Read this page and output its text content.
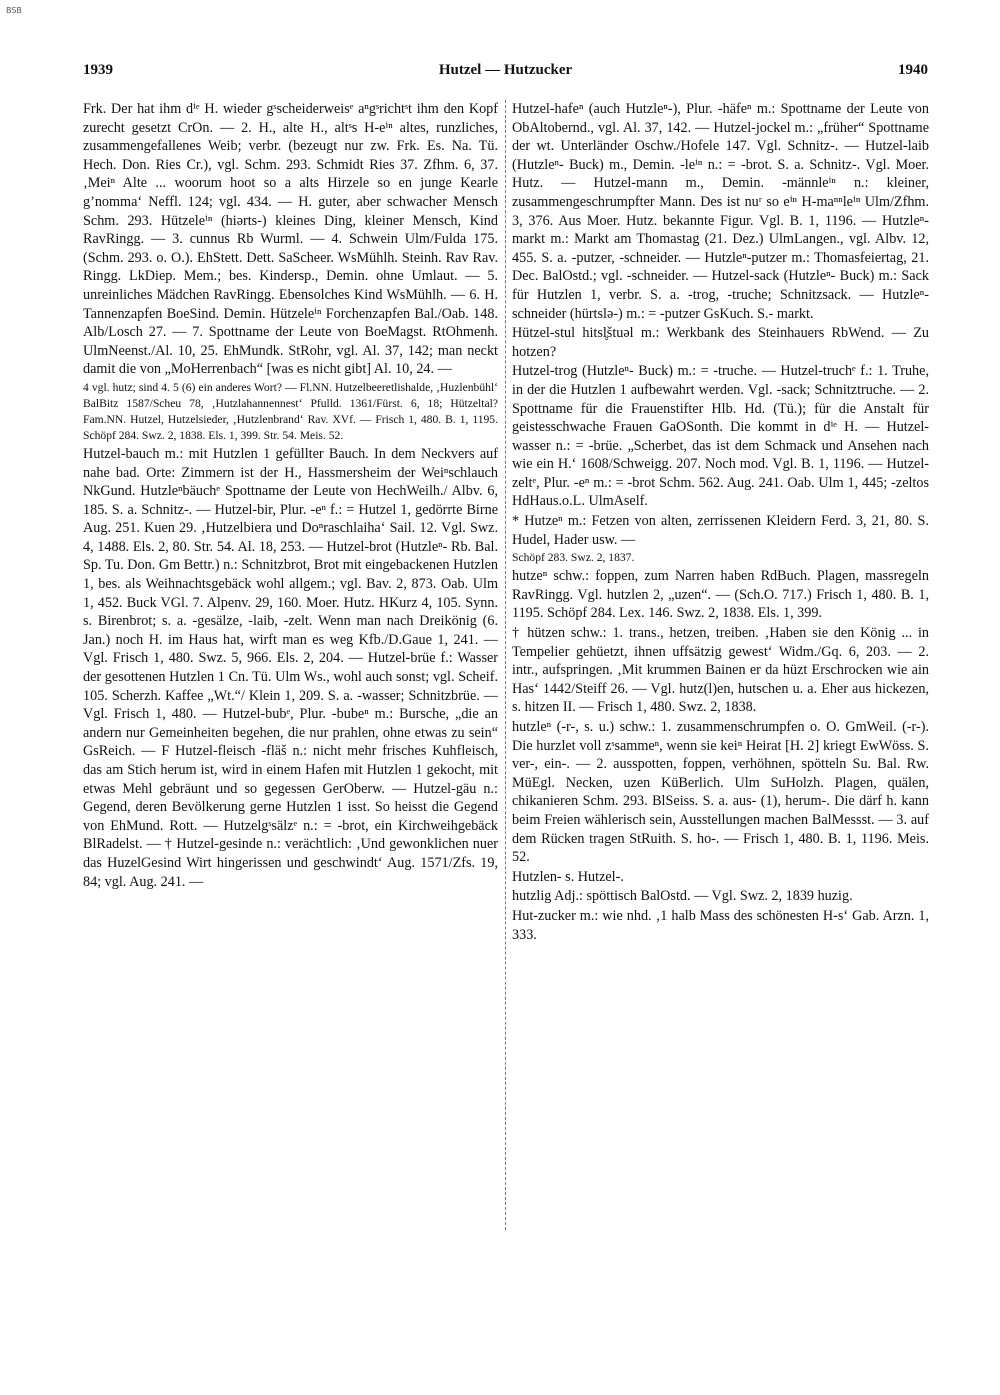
BSB
1939	Hutzel — Hutzucker	1940

Frk. Der hat ihm dⁱᵉ H. wieder gˢscheiderweisᵉ aⁿgˢrichtˢt ihm den Kopf zurecht gesetzt CrOn. — 2. H., alte H., altˢs H-eⁱⁿ altes, runzliches, zusammengefallenes Weib; verbr. (bezeugt nur zw. Frk. Es. Na. Tü. Hech. Don. Ries Cr.), vgl. Schm. 293. Schmidt Ries 37. Zfhm. 6, 37. ‚Meiⁿ Alte ... woorum hoot so a alts Hirzele so en junge Kearle g’nomma‘ Neffl. 124; vgl. 434. — H. guter, aber schwacher Mensch Schm. 293. Hützeleⁱⁿ (hiərts-) kleines Ding, kleiner Mensch, Kind RavRingg. — 3. cunnus Rb Wurml. — 4. Schwein Ulm/Fulda 175. (Schm. 293. o. O.). EhStett. Dett. SaScheer. WsMühlh. Steinh. Rav Rav. Ringg. LkDiep. Mem.; bes. Kindersp., Demin. ohne Umlaut. — 5. unreinliches Mädchen RavRingg. Ebensolches Kind WsMühlh. — 6. H. Tannenzapfen BoeSind. Demin. Hützeleⁱⁿ Forchenzapfen Bal./Oab. 148. Alb/Losch 27. — 7. Spottname der Leute von BoeMagst. RtOhmenh. UlmNeenst./Al. 10, 25. EhMundk. StRohr, vgl. Al. 37, 142; man neckt damit die von „MoHerrenbach“ [was es nicht gibt] Al. 10, 24. —

4 vgl. hutz; sind 4. 5 (6) ein anderes Wort? — Fl.NN. Hutzelbeeretlishalde, ‚Huzlenbühl‘ BalBitz 1587/Scheu 78, ‚Hutzlahannennest‘ Pfulld. 1361/Fürst. 6, 18; Hützeltal? Fam.NN. Hutzel, Hutzelsieder, ‚Hutzlenbrand‘ Rav. XVf. — Frisch 1, 480. B. 1, 1195. Schöpf 284. Swz. 2, 1838. Els. 1, 399. Str. 54. Meis. 52.

Hutzel-bauch m.: mit Hutzlen 1 gefüllter Bauch. In dem Neckvers auf nahe bad. Orte: Zimmern ist der H., Hassmersheim der Weiⁿschlauch NkGund. Hutzleⁿbäuchᵉ Spottname der Leute von HechWeilh./ Albv. 6, 185. S. a. Schnitz-. — Hutzel-bir, Plur. -eⁿ f.: = Hutzel 1, gedörrte Birne Aug. 251. Kuen 29. ‚Hutzelbiera und Doⁿraschlaiha‘ Sail. 12. Vgl. Swz. 4, 1488. Els. 2, 80. Str. 54. Al. 18, 253. — Hutzel-brot (Hutzleⁿ- Rb. Bal. Sp. Tu. Don. Gm Bettr.) n.: Schnitzbrot, Brot mit eingebackenen Hutzlen 1, bes. als Weihnachtsgebäck wohl allgem.; vgl. Bav. 2, 873. Oab. Ulm 1, 452. Buck VGl. 7. Alpenv. 29, 160. Moer. Hutz. HKurz 4, 105. Synn. s. Birenbrot; s. a. -gesälze, -laib, -zelt. Wenn man nach Dreikönig (6. Jan.) noch H. im Haus hat, wirft man es weg Kfb./D.Gaue 1, 241. — Vgl. Frisch 1, 480. Swz. 5, 966. Els. 2, 204. — Hutzel-brüe f.: Wasser der gesottenen Hutzlen 1 Cn. Tü. Ulm Ws., wohl auch sonst; vgl. Scheif. 105. Scherzh. Kaffee „Wt.“/ Klein 1, 209. S. a. -wasser; Schnitzbrüe. — Vgl. Frisch 1, 480. — Hutzel-bubᵉ, Plur. -bubeⁿ m.: Bursche, „die an andern nur Gemeinheiten begehen, die nur prahlen, ohne etwas zu sein“ GsReich. — F Hutzel-fleisch -fläš n.: nicht mehr frisches Kuhfleisch, das am Stich herum ist, wird in einem Hafen mit Hutzlen 1 gekocht, mit etwas Mehl gebräunt und so gegessen GerOberw. — Hutzel-gäu n.: Gegend, deren Bevölkerung gerne Hutzlen 1 isst. So heisst die Gegend von EhMund. Rott. — Hutzelgˢsälzᵉ n.: = -brot, ein Kirchweihgebäck BlRadelst. — † Hutzel-gesinde n.: verächtlich: ‚Und gewonklichen nuer das HuzelGesind Wirt hingerissen und geschwindt‘ Aug. 1571/Zfs. 19, 84; vgl. Aug. 241. —

Hutzel-hafeⁿ (auch Hutzleⁿ-), Plur. -häfeⁿ m.: Spottname der Leute von ObAltobernd., vgl. Al. 37, 142. — Hutzel-jockel m.: „früher“ Spottname der wt. Unterländer Oschw./Hofele 147. Vgl. Schnitz-. — Hutzel-laib (Hutzleⁿ- Buck) m., Demin. -leⁱⁿ n.: = -brot. S. a. Schnitz-. Vgl. Moer. Hutz. — Hutzel-mann m., Demin. -männleⁱⁿ n.: kleiner, zusammengeschrumpfter Mann. Des ist nuʳ so eⁱⁿ H-maⁿⁿleⁱⁿ Ulm/Zfhm. 3, 376. Aus Moer. Hutz. bekannte Figur. Vgl. B. 1, 1196. — Hutzleⁿ-markt m.: Markt am Thomastag (21. Dez.) UlmLangen., vgl. Albv. 12, 455. S. a. -putzer, -schneider. — Hutzleⁿ-putzer m.: Thomasfeiertag, 21. Dec. BalOstd.; vgl. -schneider. — Hutzel-sack (Hutzleⁿ- Buck) m.: Sack für Hutzlen 1, verbr. S. a. -trog, -truche; Schnitzsack. — Hutzleⁿ-schneider (hürtslə-) m.: = -putzer GsKuch. S.- markt.

Hützel-stul hitsl̥štuəl m.: Werkbank des Steinhauers RbWend. — Zu hotzen?

Hutzel-trog (Hutzleⁿ- Buck) m.: = -truche. — Hutzel-truchᵉ f.: 1. Truhe, in der die Hutzlen 1 aufbewahrt werden. Vgl. -sack; Schnitztruche. — 2. Spottname für die Frauenstifter Hlb. Hd. (Tü.); für die Anstalt für geistesschwache Frauen GaOSonth. Die kommt in dⁱᵉ H. — Hutzel-wasser n.: = -brüe. „Scherbet, das ist dem Schmack und Ansehen nach wie ein H.‘ 1608/Schweigg. 207. Noch mod. Vgl. B. 1, 1196. — Hutzel-zeltᵉ, Plur. -eⁿ m.: = -brot Schm. 562. Aug. 241. Oab. Ulm 1, 445; -zeltos HdHaus.o.L. UlmAself.

* Hutzeⁿ m.: Fetzen von alten, zerrissenen Kleidern Ferd. 3, 21, 80. S. Hudel, Hader usw. —

Schöpf 283. Swz. 2, 1837.

hutzeⁿ schw.: foppen, zum Narren haben RdBuch. Plagen, massregeln RavRingg. Vgl. hutzlen 2, „uzen“. — (Sch.O. 717.) Frisch 1, 480. B. 1, 1195. Schöpf 284. Lex. 146. Swz. 2, 1838. Els. 1, 399.

† hützen schw.: 1. trans., hetzen, treiben. ‚Haben sie den König ... in Tempelier gehüetzt, ihnen uffsätzig gewest‘ Widm./Gq. 6, 203. — 2. intr., aufspringen. ‚Mit krummen Bainen er da hüzt Erschrocken wie ain Has‘ 1442/Steiff 26. — Vgl. hutz(l)en, hutschen u. a. Eher aus hickezen, s. hitzen II. — Frisch 1, 480. Swz. 2, 1838.

hutzleⁿ (-r-, s. u.) schw.: 1. zusammenschrumpfen o. O. GmWeil. (-r-). Die hurzlet voll zˢsammeⁿ, wenn sie keiⁿ Heirat [H. 2] kriegt EwWöss. S. ver-, ein-. — 2. ausspotten, foppen, verhöhnen, spötteln Su. Bal. Rw. MüEgl. Necken, uzen KüBerlich. Ulm SuHolzh. Plagen, quälen, chikanieren Schm. 293. BlSeiss. S. a. aus- (1), herum-. Die därf h. kann beim Freien wählerisch sein, Ausstellungen machen BalMessst. — 3. auf dem Rücken tragen StRuith. S. ho-. — Frisch 1, 480. B. 1, 1196. Meis. 52.

Hutzlen- s. Hutzel-.

hutzlig Adj.: spöttisch BalOstd. — Vgl. Swz. 2, 1839 huzig.

Hut-zucker m.: wie nhd. ‚1 halb Mass des schönesten H-s‘ Gab. Arzn. 1, 333.
